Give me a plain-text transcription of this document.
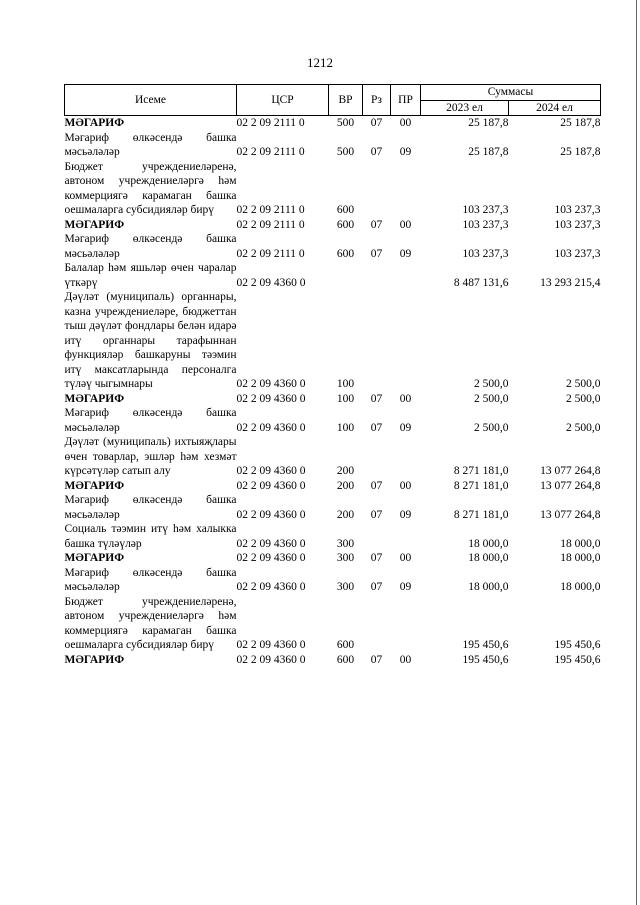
1212
Исеме	ЦСР	ВР	Рз	ПР	Суммасы	
					2023 ел	2024 ел
МӘГАРИФ	02 2 09 2111 0	500	07	00	25 187,8	25 187,8
Мәгариф өлкәсендә башка мәсьәләләр	02 2 09 2111 0	500	07	09	25 187,8	25 187,8
Бюджет учреждениеләренә, автоном учреждениеләргә һәм коммерциягә карамаган башка оешмаларга субсидияләр бирү	02 2 09 2111 0	600			103 237,3	103 237,3
МӘГАРИФ	02 2 09 2111 0	600	07	00	103 237,3	103 237,3
Мәгариф өлкәсендә башка мәсьәләләр	02 2 09 2111 0	600	07	09	103 237,3	103 237,3
Балалар һәм яшьләр өчен чаралар үткәрү	02 2 09 4360 0				8 487 131,6	13 293 215,4
Дәүләт (муниципаль) органнары, казна учреждениеләре, бюджеттан тыш дәүләт фондлары белән идарә итү органнары тарафыннан функцияләр башкаруны тәэмин итү максатларында персоналга түләү чыгымнары	02 2 09 4360 0	100			2 500,0	2 500,0
МӘГАРИФ	02 2 09 4360 0	100	07	00	2 500,0	2 500,0
Мәгариф өлкәсендә башка мәсьәләләр	02 2 09 4360 0	100	07	09	2 500,0	2 500,0
Дәүләт (муниципаль) ихтыяҗлары өчен товарлар, эшләр һәм хезмәт күрсәтүләр сатып алу	02 2 09 4360 0	200			8 271 181,0	13 077 264,8
МӘГАРИФ	02 2 09 4360 0	200	07	00	8 271 181,0	13 077 264,8
Мәгариф өлкәсендә башка мәсьәләләр	02 2 09 4360 0	200	07	09	8 271 181,0	13 077 264,8
Социаль тәэмин итү һәм халыкка башка түләүләр	02 2 09 4360 0	300			18 000,0	18 000,0
МӘГАРИФ	02 2 09 4360 0	300	07	00	18 000,0	18 000,0
Мәгариф өлкәсендә башка мәсьәләләр	02 2 09 4360 0	300	07	09	18 000,0	18 000,0
Бюджет учреждениеләренә, автоном учреждениеләргә һәм коммерциягә карамаган башка оешмаларга субсидияләр бирү	02 2 09 4360 0	600			195 450,6	195 450,6
МӘГАРИФ	02 2 09 4360 0	600	07	00	195 450,6	195 450,6
